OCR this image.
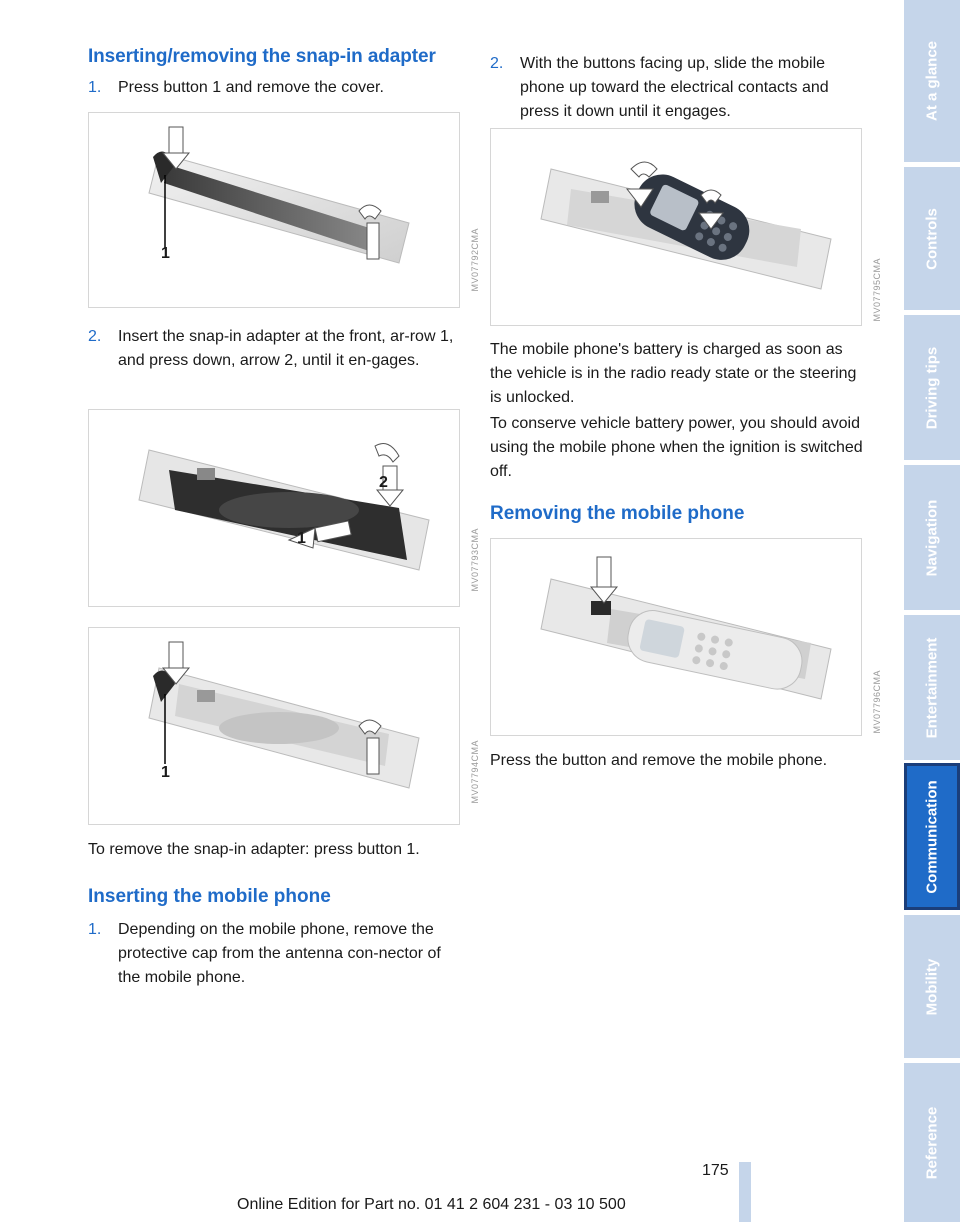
Inserting/removing the snap-in adapter
1. Press button 1 and remove the cover.
1	MV07792CMA
2. Insert the snap-in adapter at the front, ar-row 1, and press down, arrow 2, until it en-gages.
1
2
MV07793CMA
1	MV07794CMA

To remove the snap-in adapter: press button 1.

Inserting the mobile phone
1. Depending on the mobile phone, remove the protective cap from the antenna con-nector of the mobile phone.
2. With the buttons facing up, slide the mobile phone up toward the electrical contacts and press it down until it engages.
MV07795CMA

The mobile phone's battery is charged as soon as the vehicle is in the radio ready state or the steering is unlocked.

To conserve vehicle battery power, you should avoid using the mobile phone when the ignition is switched off.

Removing the mobile phone
MV07796CMA

Press the button and remove the mobile phone.

At a glance
Controls
Driving tips
Navigation
Entertainment
Communication
Mobility
Reference
175
Online Edition for Part no. 01 41 2 604 231 - 03 10 500
